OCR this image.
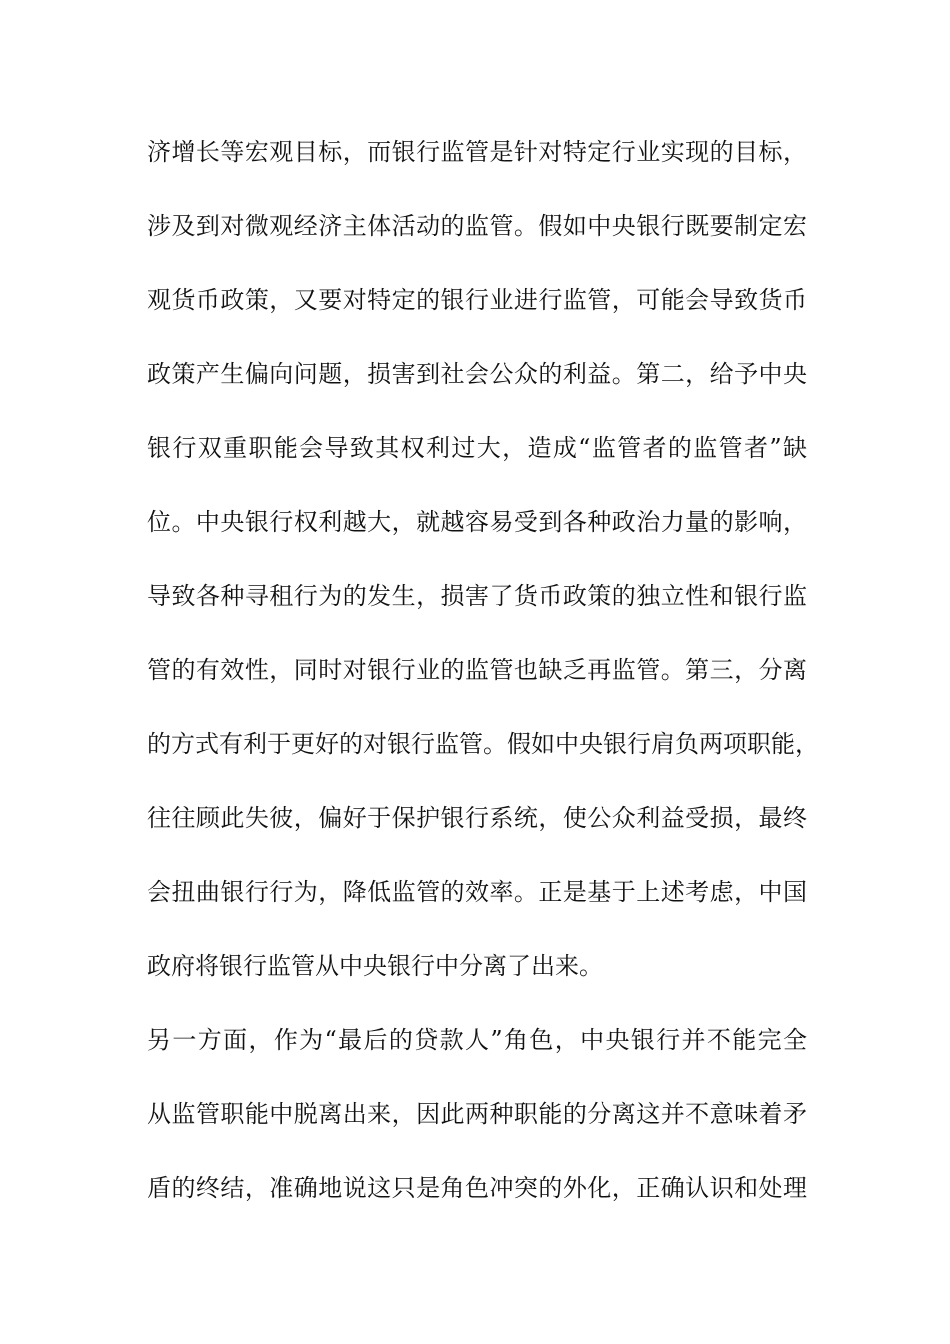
济增长等宏观目标，而银行监管是针对特定行业实现的目标，
涉及到对微观经济主体活动的监管。假如中央银行既要制定宏
观货币政策，又要对特定的银行业进行监管，可能会导致货币
政策产生偏向问题，损害到社会公众的利益。第二，给予中央
银行双重职能会导致其权利过大，造成“监管者的监管者”缺
位。中央银行权利越大，就越容易受到各种政治力量的影响，
导致各种寻租行为的发生，损害了货币政策的独立性和银行监
管的有效性，同时对银行业的监管也缺乏再监管。第三，分离
的方式有利于更好的对银行监管。假如中央银行肩负两项职能，
往往顾此失彼，偏好于保护银行系统，使公众利益受损，最终
会扭曲银行行为，降低监管的效率。正是基于上述考虑，中国
政府将银行监管从中央银行中分离了出来。
另一方面，作为“最后的贷款人”角色，中央银行并不能完全
从监管职能中脱离出来，因此两种职能的分离这并不意味着矛
盾的终结，准确地说这只是角色冲突的外化，正确认识和处理
